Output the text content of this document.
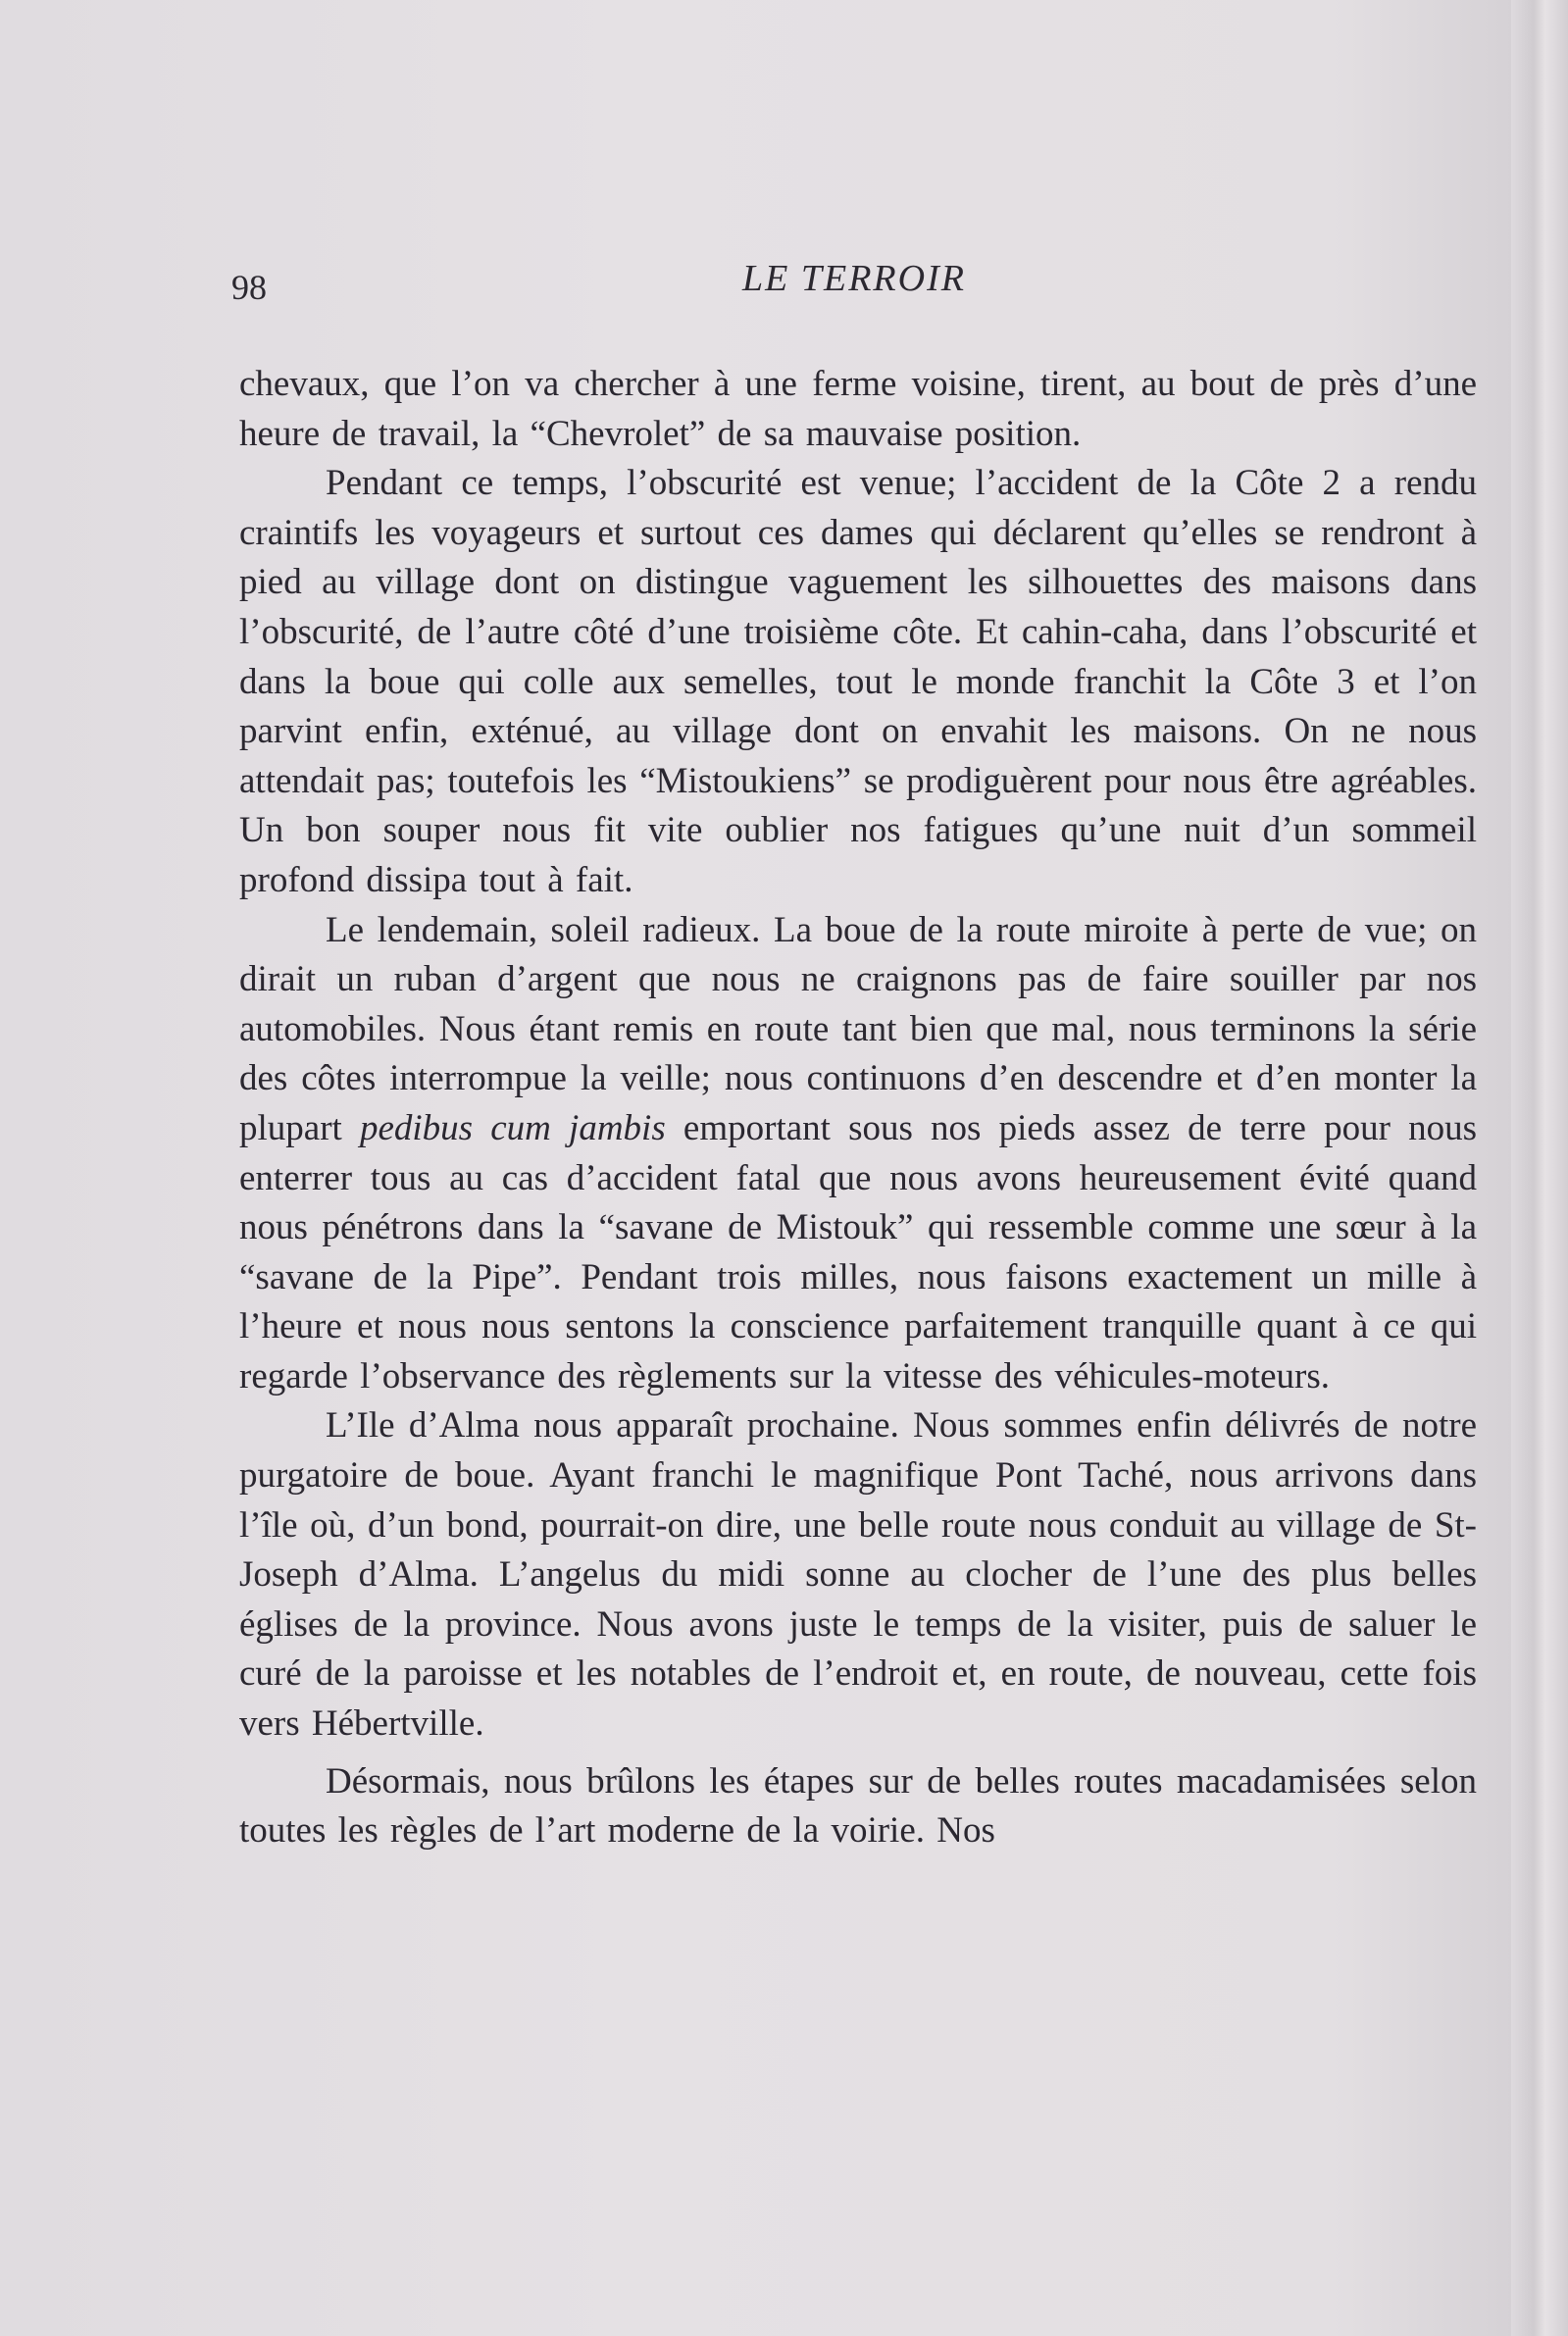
98	LE TERROIR

chevaux, que l’on va chercher à une ferme voisine, tirent, au bout de près d’une heure de travail, la “Chevrolet” de sa mauvaise position.

Pendant ce temps, l’obscurité est venue; l’accident de la Côte 2 a rendu craintifs les voyageurs et surtout ces dames qui déclarent qu’elles se rendront à pied au village dont on distingue vaguement les silhouettes des maisons dans l’obscurité, de l’autre côté d’une troisième côte. Et cahin-caha, dans l’obscurité et dans la boue qui colle aux semelles, tout le monde franchit la Côte 3 et l’on parvint enfin, exténué, au village dont on envahit les maisons. On ne nous attendait pas; toutefois les “Mistoukiens” se prodiguèrent pour nous être agréables. Un bon souper nous fit vite oublier nos fatigues qu’une nuit d’un sommeil profond dissipa tout à fait.

Le lendemain, soleil radieux. La boue de la route miroite à perte de vue; on dirait un ruban d’argent que nous ne craignons pas de faire souiller par nos automobiles. Nous étant remis en route tant bien que mal, nous terminons la série des côtes interrompue la veille; nous continuons d’en descendre et d’en monter la plupart pedibus cum jambis emportant sous nos pieds assez de terre pour nous enterrer tous au cas d’accident fatal que nous avons heureusement évité quand nous pénétrons dans la “savane de Mistouk” qui ressemble comme une sœur à la “savane de la Pipe”. Pendant trois milles, nous faisons exactement un mille à l’heure et nous nous sentons la conscience parfaitement tranquille quant à ce qui regarde l’observance des règlements sur la vitesse des véhicules-moteurs.

L’Ile d’Alma nous apparaît prochaine. Nous sommes enfin délivrés de notre purgatoire de boue. Ayant franchi le magnifique Pont Taché, nous arrivons dans l’île où, d’un bond, pourrait-on dire, une belle route nous conduit au village de St-Joseph d’Alma. L’angelus du midi sonne au clocher de l’une des plus belles églises de la province. Nous avons juste le temps de la visiter, puis de saluer le curé de la paroisse et les notables de l’endroit et, en route, de nouveau, cette fois vers Hébertville.

Désormais, nous brûlons les étapes sur de belles routes macadamisées selon toutes les règles de l’art moderne de la voirie. Nos
